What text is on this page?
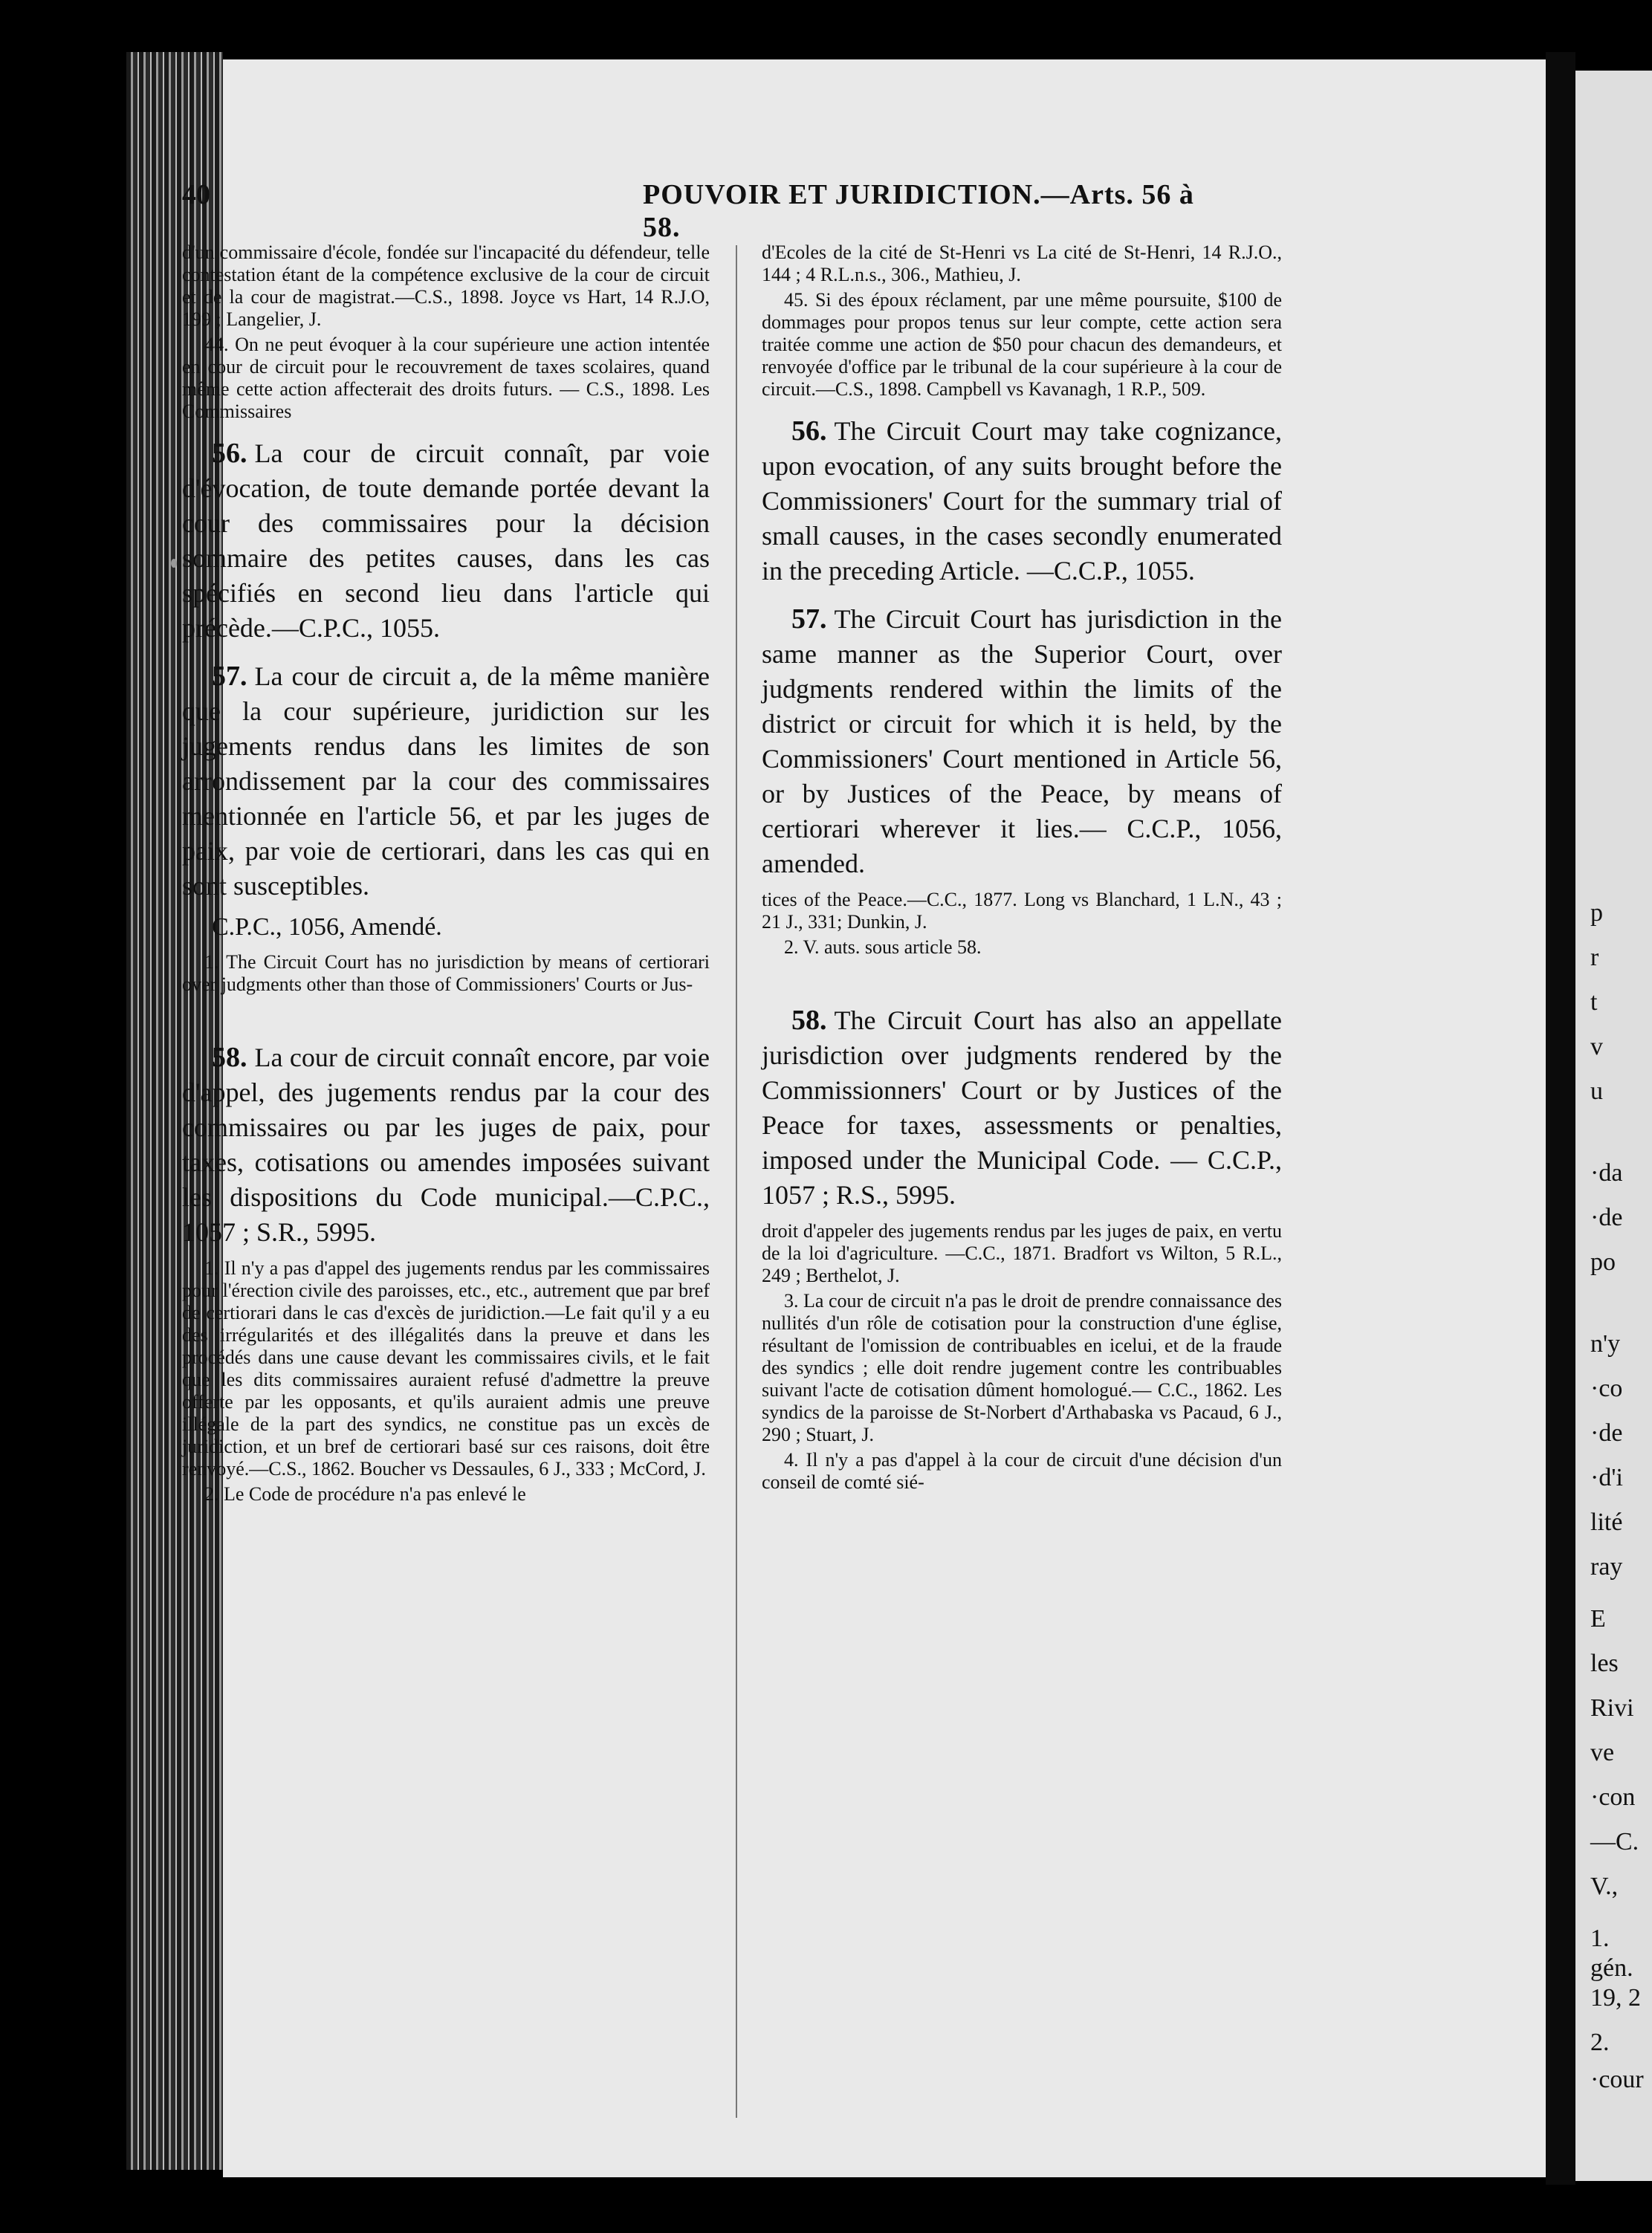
p
r
t
v
u
·da
·de
po
n'y
·co
·de
·d'i
lité
ray
E
les
Rivi
ve
·con
—C.
V.,
1.
gén.
19, 2
2.
·cour
40	POUVOIR ET JURIDICTION.—Arts. 56 à 58.

d'un commissaire d'école, fondée sur l'incapacité du défendeur, telle contestation étant de la compétence exclusive de la cour de circuit et de la cour de magistrat.—C.S., 1898. Joyce vs Hart, 14 R.J.O, 199 ; Langelier, J.

44. On ne peut évoquer à la cour supérieure une action intentée en cour de circuit pour le recouvrement de taxes scolaires, quand même cette action affecterait des droits futurs. — C.S., 1898. Les Commissaires

56. La cour de circuit connaît, par voie d'évocation, de toute demande portée devant la cour des commissaires pour la décision sommaire des petites causes, dans les cas spécifiés en second lieu dans l'article qui précède.—C.P.C., 1055.

57. La cour de circuit a, de la même manière que la cour supérieure, juridiction sur les jugements rendus dans les limites de son arrondissement par la cour des commissaires mentionnée en l'article 56, et par les juges de paix, par voie de certiorari, dans les cas qui en sont susceptibles.

C.P.C., 1056, Amendé.

1. The Circuit Court has no jurisdiction by means of certiorari over judgments other than those of Commissioners' Courts or Jus-

58. La cour de circuit connaît encore, par voie d'appel, des jugements rendus par la cour des commissaires ou par les juges de paix, pour taxes, cotisations ou amendes imposées suivant les dispositions du Code municipal.—C.P.C., 1057 ; S.R., 5995.

1. Il n'y a pas d'appel des jugements rendus par les commissaires pour l'érection civile des paroisses, etc., etc., autrement que par bref de certiorari dans le cas d'excès de juridiction.—Le fait qu'il y a eu des irrégularités et des illégalités dans la preuve et dans les procédés dans une cause devant les commissaires civils, et le fait que les dits commissaires auraient refusé d'admettre la preuve offerte par les opposants, et qu'ils auraient admis une preuve illégale de la part des syndics, ne constitue pas un excès de juridiction, et un bref de certiorari basé sur ces raisons, doit être renvoyé.—C.S., 1862. Boucher vs Dessaules, 6 J., 333 ; McCord, J.

2. Le Code de procédure n'a pas enlevé le

d'Ecoles de la cité de St-Henri vs La cité de St-Henri, 14 R.J.O., 144 ; 4 R.L.n.s., 306., Mathieu, J.

45. Si des époux réclament, par une même poursuite, $100 de dommages pour propos tenus sur leur compte, cette action sera traitée comme une action de $50 pour chacun des demandeurs, et renvoyée d'office par le tribunal de la cour supérieure à la cour de circuit.—C.S., 1898. Campbell vs Kavanagh, 1 R.P., 509.

56. The Circuit Court may take cognizance, upon evocation, of any suits brought before the Commissioners' Court for the summary trial of small causes, in the cases secondly enumerated in the preceding Article. —C.C.P., 1055.

57. The Circuit Court has jurisdiction in the same manner as the Superior Court, over judgments rendered within the limits of the district or circuit for which it is held, by the Commissioners' Court mentioned in Article 56, or by Justices of the Peace, by means of certiorari wherever it lies.— C.C.P., 1056, amended.

tices of the Peace.—C.C., 1877. Long vs Blanchard, 1 L.N., 43 ; 21 J., 331; Dunkin, J.

2. V. auts. sous article 58.

58. The Circuit Court has also an appellate jurisdiction over judgments rendered by the Commissionners' Court or by Justices of the Peace for taxes, assessments or penalties, imposed under the Municipal Code. — C.C.P., 1057 ; R.S., 5995.

droit d'appeler des jugements rendus par les juges de paix, en vertu de la loi d'agriculture. —C.C., 1871. Bradfort vs Wilton, 5 R.L., 249 ; Berthelot, J.

3. La cour de circuit n'a pas le droit de prendre connaissance des nullités d'un rôle de cotisation pour la construction d'une église, résultant de l'omission de contribuables en icelui, et de la fraude des syndics ; elle doit rendre jugement contre les contribuables suivant l'acte de cotisation dûment homologué.— C.C., 1862. Les syndics de la paroisse de St-Norbert d'Arthabaska vs Pacaud, 6 J., 290 ; Stuart, J.

4. Il n'y a pas d'appel à la cour de circuit d'une décision d'un conseil de comté sié-
